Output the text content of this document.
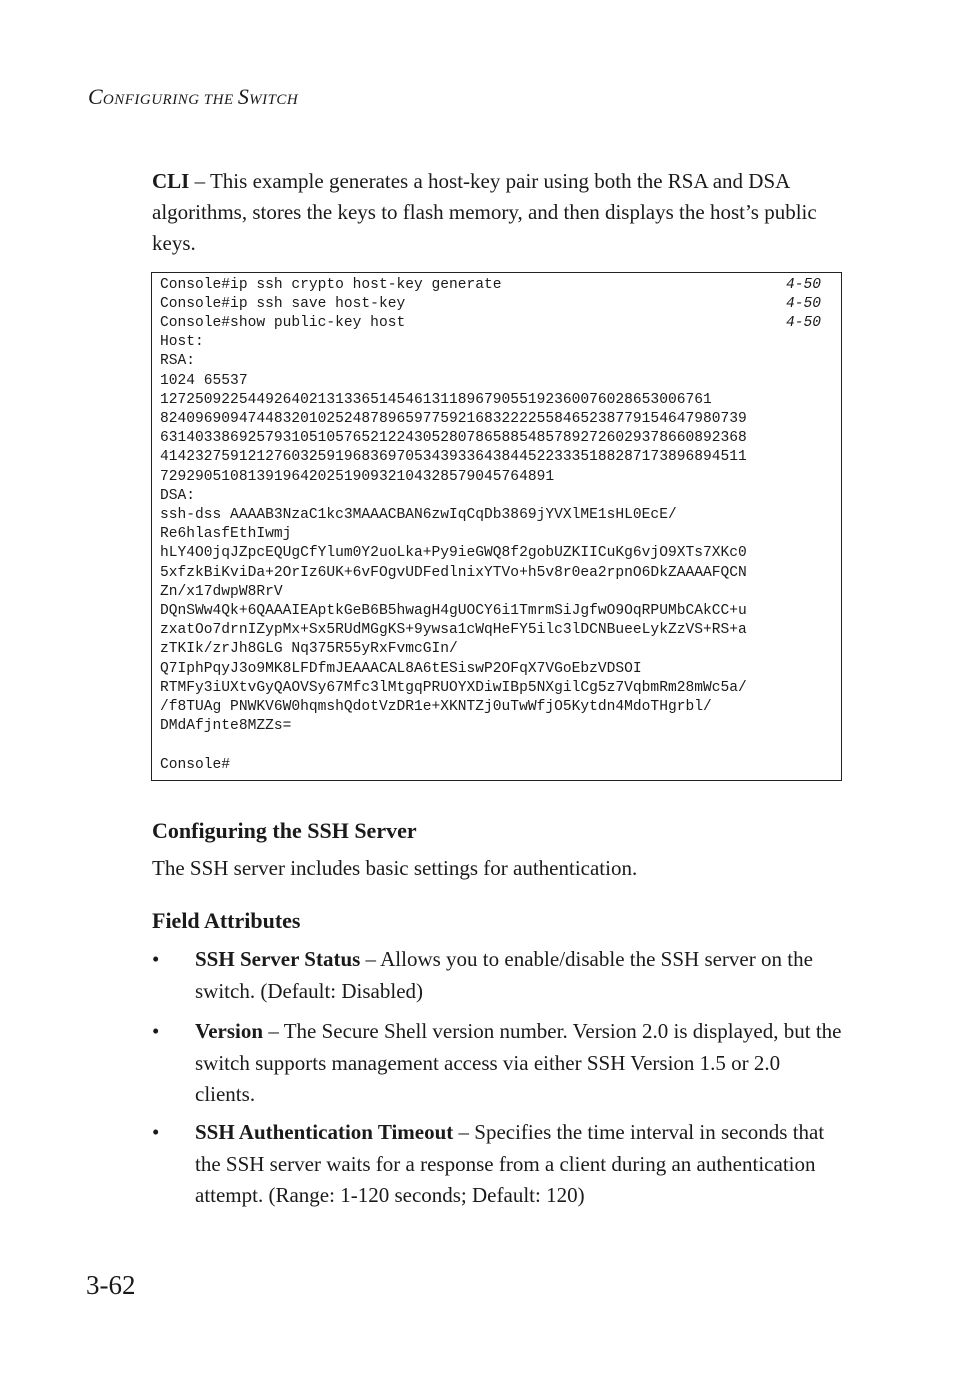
CONFIGURING THE SWITCH
CLI – This example generates a host-key pair using both the RSA and DSA algorithms, stores the keys to flash memory, and then displays the host’s public keys.
Console#ip ssh crypto host-key generate	4-50
Console#ip ssh save host-key	4-50
Console#show public-key host	4-50
Host:
RSA:
1024 65537
127250922544926402131336514546131189679055192360076028653006761
82409690947448320102524878965977592168322225584652387791546479807​39
63140338692579310510576521224305280786588548578927260293786608923​68
41423275912127603259196836970534393364384452233351882871738968945​11
72929051081391964202519093210432857904576​4891
DSA:
ssh-dss AAAAB3NzaC1kc3MAAACBAN6zwIqCqDb3869jYVXlME1sHL0EcE/
Re6hlasfEthIwmj
hLY4O0jqJZpcEQUgCfYlum0Y2uoLka+Py9ieGWQ8f2gobUZKIICuKg6vjO9XTs7XKc0
5xfzkBiKviDa+2OrIz6UK+6vFOgvUDFedlnixYTVo+h5v8r0ea2rpnO6DkZAAAAFQCN
Zn/x17dwpW8RrV
DQnSWw4Qk+6QAAAIEAptkGeB6B5hwagH4gUOCY6i1TmrmSiJgfwO9OqRPUMbCAkCC+u
zxatOo7drnIZypMx+Sx5RUdMGgKS+9ywsa1cWqHeFY5ilc3lDCNBueeLykZzVS+RS+a
zTKIk/zrJh8GLG Nq375R55yRxFvmcGIn/
Q7IphPqyJ3o9MK8LFDfmJEAAACAL8A6tESiswP2OFqX7VGoEbzVDSOI
RTMFy3iUXtvGyQAOVSy67Mfc3lMtgqPRUOYXDiwIBp5NXgilCg5z7VqbmRm28mWc5a/
/f8TUAg PNWKV6W0hqmshQdotVzDR1e+XKNTZj0uTwWfjO5Kytdn4MdoTHgrbl/
DMdAfjnte8MZZs=
Console#
Configuring the SSH Server

The SSH server includes basic settings for authentication.

Field Attributes
• SSH Server Status – Allows you to enable/disable the SSH server on the switch. (Default: Disabled)
• Version – The Secure Shell version number. Version 2.0 is displayed, but the switch supports management access via either SSH Version 1.5 or 2.0 clients.
• SSH Authentication Timeout – Specifies the time interval in seconds that the SSH server waits for a response from a client during an authentication attempt. (Range: 1-120 seconds; Default: 120)
3-62
